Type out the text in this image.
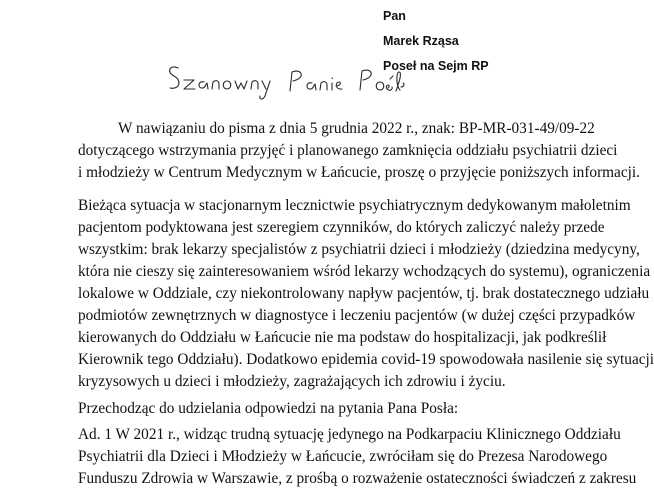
Pan
Marek Rząsa
Poseł na Sejm RP
W nawiązaniu do pisma z dnia 5 grudnia 2022 r., znak: BP-MR-031-49/09-22
dotyczącego wstrzymania przyjęć i planowanego zamknięcia oddziału psychiatrii dzieci
i młodzieży w Centrum Medycznym w Łańcucie, proszę o przyjęcie poniższych informacji.
Bieżąca sytuacja w stacjonarnym lecznictwie psychiatrycznym dedykowanym małoletnim
pacjentom podyktowana jest szeregiem czynników, do których zaliczyć należy przede
wszystkim: brak lekarzy specjalistów z psychiatrii dzieci i młodzieży (dziedzina medycyny,
która nie cieszy się zainteresowaniem wśród lekarzy wchodzących do systemu), ograniczenia
lokalowe w Oddziale, czy niekontrolowany napływ pacjentów, tj. brak dostatecznego udziału
podmiotów zewnętrznych w diagnostyce i leczeniu pacjentów (w dużej części przypadków
kierowanych do Oddziału w Łańcucie nie ma podstaw do hospitalizacji, jak podkreślił
Kierownik tego Oddziału). Dodatkowo epidemia covid-19 spowodowała nasilenie się sytuacji
kryzysowych u dzieci i młodzieży, zagrażających ich zdrowiu i życiu.
Przechodząc do udzielania odpowiedzi na pytania Pana Posła:
Ad. 1 W 2021 r., widząc trudną sytuację jedynego na Podkarpaciu Klinicznego Oddziału
Psychiatrii dla Dzieci i Młodzieży w Łańcucie, zwróciłam się do Prezesa Narodowego
Funduszu Zdrowia w Warszawie, z prośbą o rozważenie ostateczności świadczeń z zakresu
